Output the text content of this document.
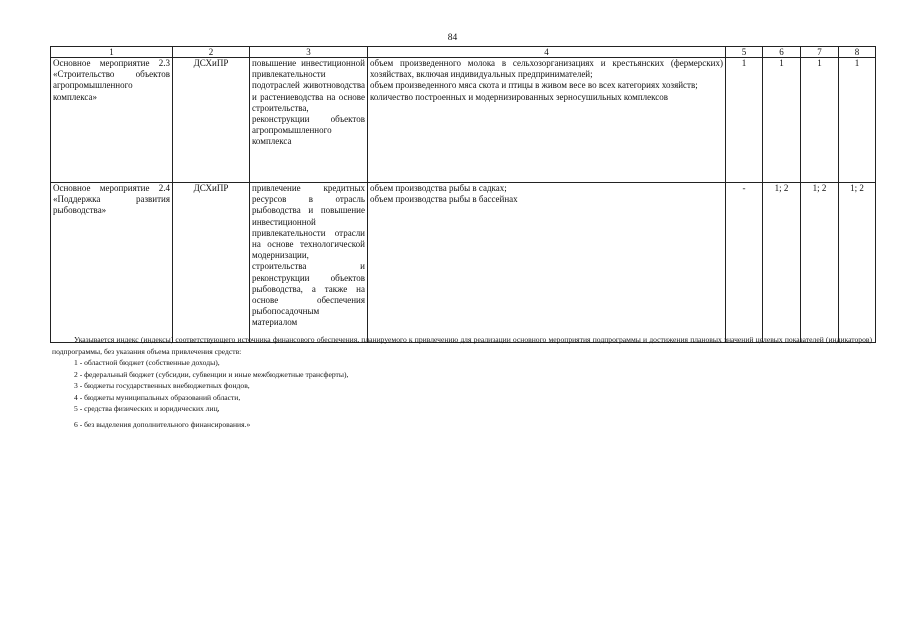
84
1	2	3	4	5	6	7	8
Основное мероприятие 2.3 «Строительство объектов агропромышленного комплекса»	ДСХиПР	повышение инвестиционной привлекательности подотраслей животноводства и растениеводства на основе строительства, реконструкции объектов агропромышленного комплекса	объем произведенного молока в сельхозорганизациях и крестьянских (фермерских) хозяйствах, включая индивидуальных предпринимателей;
объем произведенного мяса скота и птицы в живом весе во всех категориях хозяйств;
количество построенных и модернизированных зерносушильных комплексов	1	1	1	1
Основное мероприятие 2.4 «Поддержка развития рыбоводства»	ДСХиПР	привлечение кредитных ресурсов в отрасль рыбоводства и повышение инвестиционной привлекательности отрасли на основе технологической модернизации, строительства и реконструкции объектов рыбоводства, а также на основе обеспечения рыбопосадочным материалом	объем производства рыбы в садках;
объем производства рыбы в бассейнах	-	1; 2	1; 2	1; 2
Указывается индекс (индексы) соответствующего источника финансового обеспечения, планируемого к привлечению для реализации основного мероприятия подпрограммы и достижения плановых значений целевых показателей (индикаторов) подпрограммы, без указания объема привлечения средств:
1 - областной бюджет (собственные доходы),
2 - федеральный бюджет (субсидии, субвенции и иные межбюджетные трансферты),
3 - бюджеты государственных внебюджетных фондов,
4 - бюджеты муниципальных образований области,
5 - средства физических и юридических лиц,
6 - без выделения дополнительного финансирования.»
